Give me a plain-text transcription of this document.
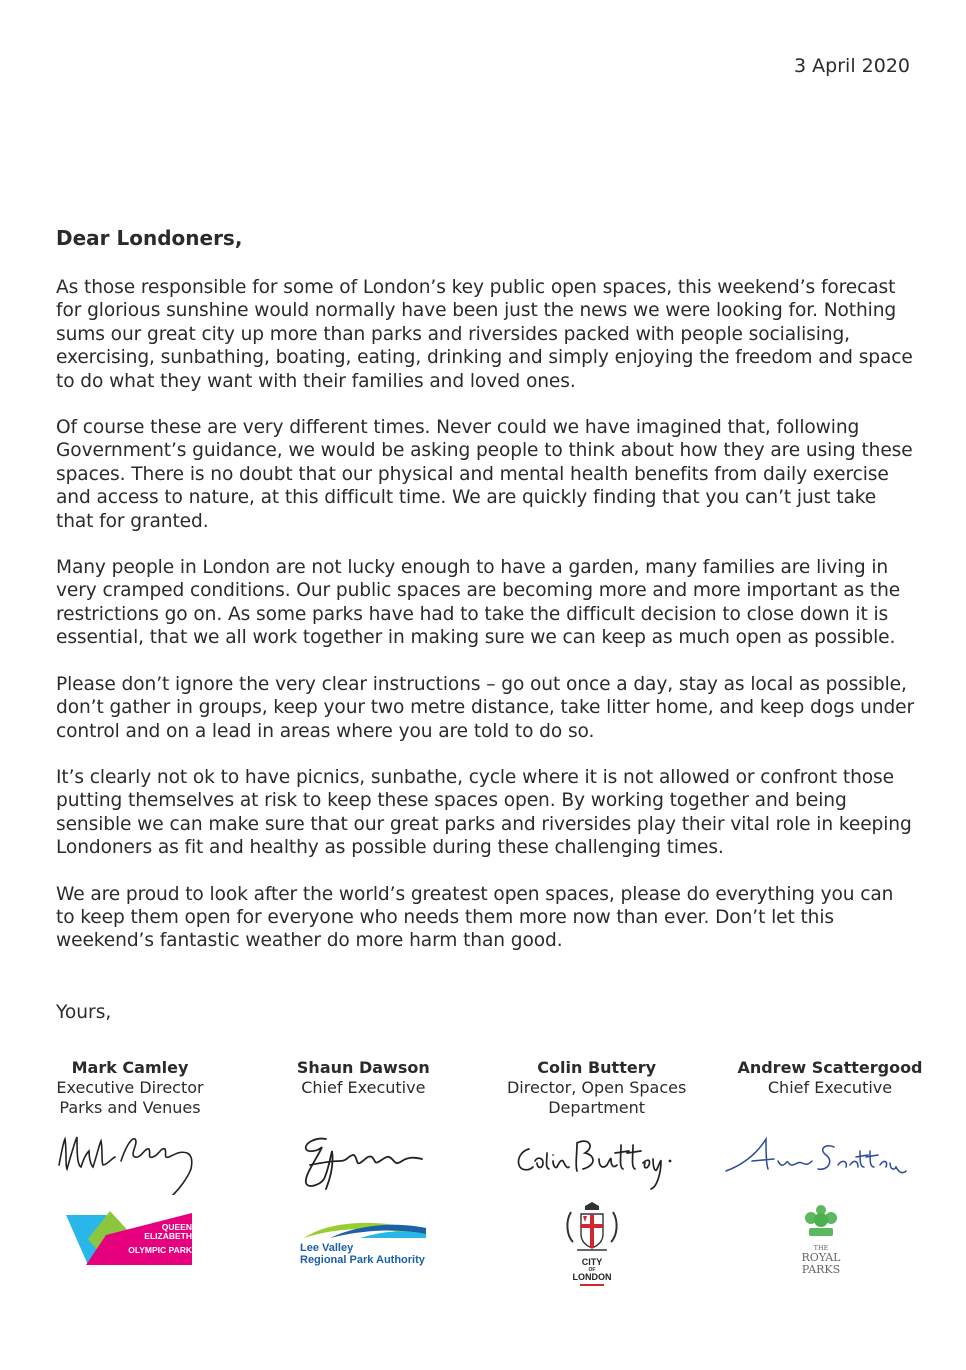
3 April 2020
Dear Londoners,

As those responsible for some of London’s key public open spaces, this weekend’s forecast for glorious sunshine would normally have been just the news we were looking for. Nothing sums our great city up more than parks and riversides packed with people socialising, exercising, sunbathing, boating, eating, drinking and simply enjoying the freedom and space to do what they want with their families and loved ones.

Of course these are very different times. Never could we have imagined that, following Government’s guidance, we would be asking people to think about how they are using these spaces. There is no doubt that our physical and mental health benefits from daily exercise and access to nature, at this difficult time. We are quickly finding that you can’t just take that for granted.

Many people in London are not lucky enough to have a garden, many families are living in very cramped conditions. Our public spaces are becoming more and more important as the restrictions go on. As some parks have had to take the difficult decision to close down it is essential, that we all work together in making sure we can keep as much open as possible.

Please don’t ignore the very clear instructions – go out once a day, stay as local as possible, don’t gather in groups, keep your two metre distance, take litter home, and keep dogs under control and on a lead in areas where you are told to do so.

It’s clearly not ok to have picnics, sunbathe, cycle where it is not allowed or confront those putting themselves at risk to keep these spaces open. By working together and being sensible we can make sure that our great parks and riversides play their vital role in keeping Londoners as fit and healthy as possible during these challenging times.

We are proud to look after the world’s greatest open spaces, please do everything you can to keep them open for everyone who needs them more now than ever. Don’t let this weekend’s fantastic weather do more harm than good.

Yours,
Mark Camley
Executive Director
Parks and Venues
Shaun Dawson
Chief Executive
Colin Buttery
Director, Open Spaces
Department
Andrew Scattergood
Chief Executive
QUEEN
ELIZABETH
OLYMPIC PARK	Lee Valley
Regional Park Authority	CITY
OF
LONDON
THE
ROYAL
PARKS
